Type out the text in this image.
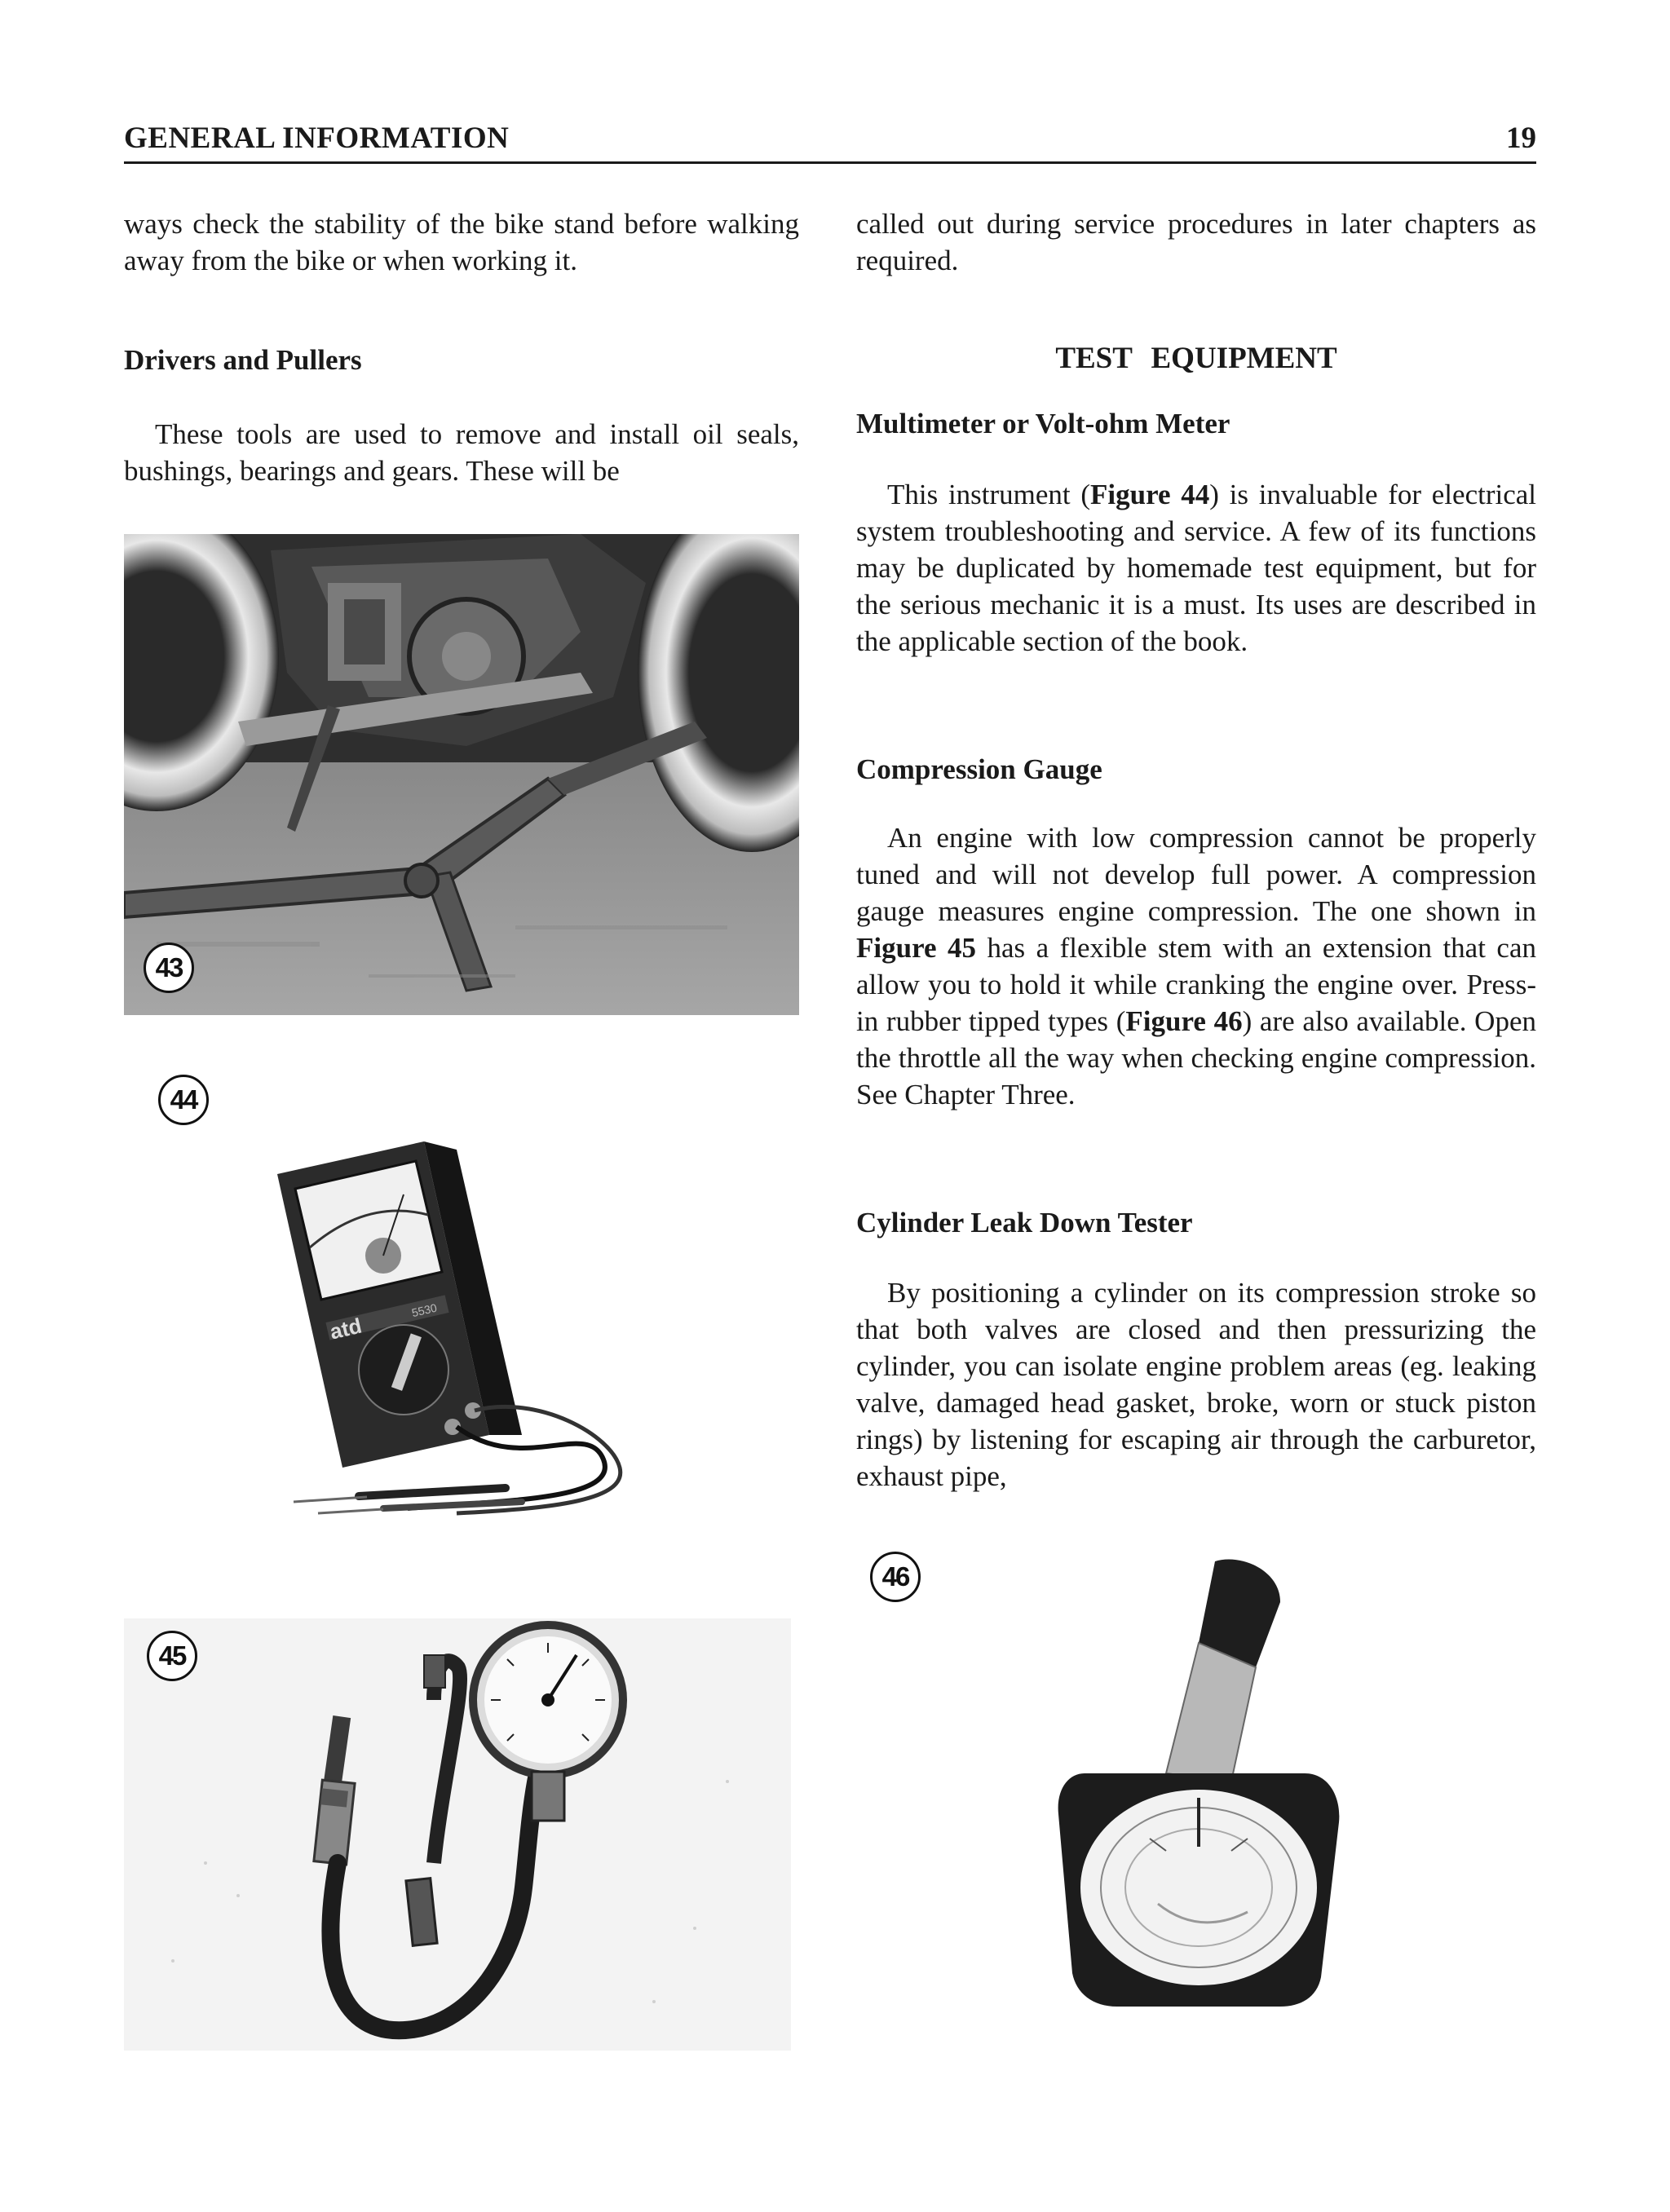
GENERAL INFORMATION	19
ways check the stability of the bike stand before walking away from the bike or when working it.
Drivers and Pullers
These tools are used to remove and install oil seals, bushings, bearings and gears. These will be
called out during service procedures in later chapters as required.
TEST EQUIPMENT
Multimeter or Volt-ohm Meter
This instrument (Figure 44) is invaluable for electrical system troubleshooting and service. A few of its functions may be duplicated by homemade test equipment, but for the serious mechanic it is a must. Its uses are described in the applicable section of the book.
Compression Gauge
An engine with low compression cannot be properly tuned and will not develop full power. A compression gauge measures engine compression. The one shown in Figure 45 has a flexible stem with an extension that can allow you to hold it while cranking the engine over. Press-in rubber tipped types (Figure 46) are also available. Open the throttle all the way when checking engine compression. See Chapter Three.
Cylinder Leak Down Tester
By positioning a cylinder on its compression stroke so that both valves are closed and then pressurizing the cylinder, you can isolate engine problem areas (eg. leaking valve, damaged head gasket, broke, worn or stuck piston rings) by listening for escaping air through the carburetor, exhaust pipe,
43
44
atd
5530
45
46
